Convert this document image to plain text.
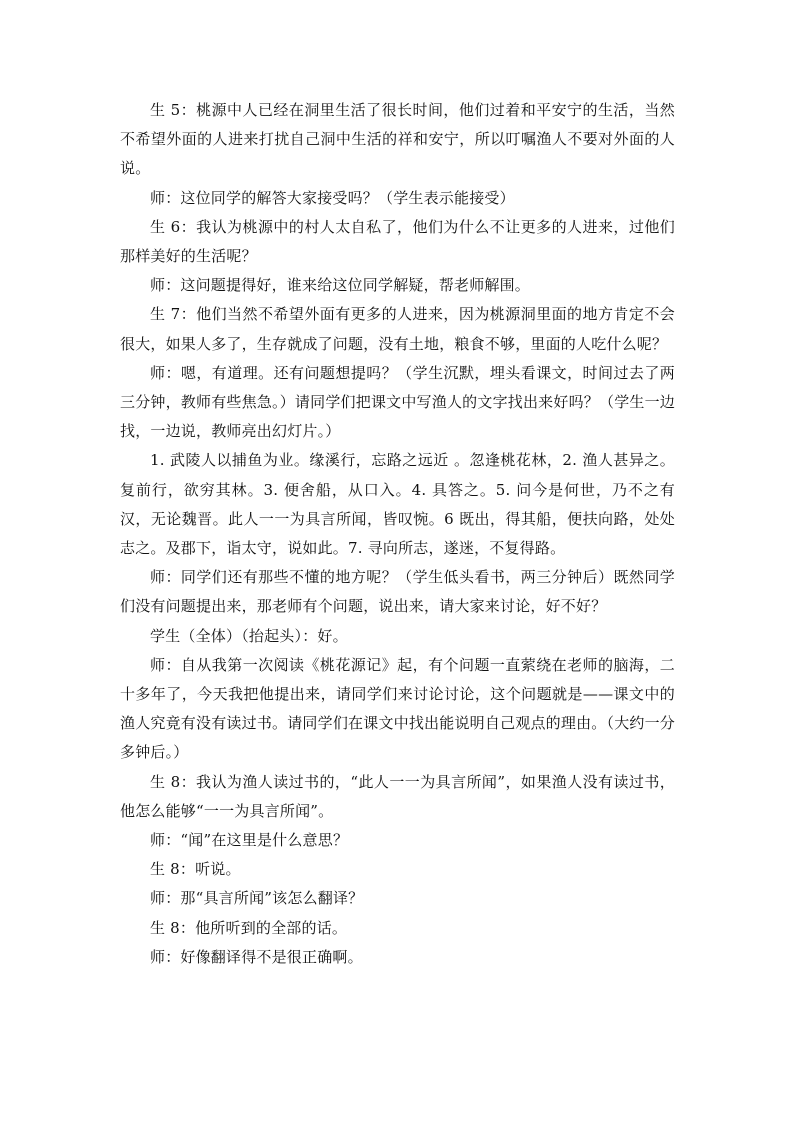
生 5：桃源中人已经在洞里生活了很长时间，他们过着和平安宁的生活，当然不希望外面的人进来打扰自己洞中生活的祥和安宁，所以叮嘱渔人不要对外面的人说。

师：这位同学的解答大家接受吗？（学生表示能接受）

生 6：我认为桃源中的村人太自私了，他们为什么不让更多的人进来，过他们那样美好的生活呢？

师：这问题提得好，谁来给这位同学解疑，帮老师解围。

生 7：他们当然不希望外面有更多的人进来，因为桃源洞里面的地方肯定不会很大，如果人多了，生存就成了问题，没有土地，粮食不够，里面的人吃什么呢？

师：嗯，有道理。还有问题想提吗？（学生沉默，埋头看课文，时间过去了两三分钟，教师有些焦急。）请同学们把课文中写渔人的文字找出来好吗？（学生一边找，一边说，教师亮出幻灯片。）

1. 武陵人以捕鱼为业。缘溪行，忘路之远近 。忽逢桃花林，2. 渔人甚异之。复前行，欲穷其林。3. 便舍船，从口入。4. 具答之。5. 问今是何世，乃不之有汉，无论魏晋。此人一一为具言所闻，皆叹惋。6 既出，得其船，便扶向路，处处志之。及郡下，诣太守，说如此。7. 寻向所志，遂迷，不复得路。

师：同学们还有那些不懂的地方呢？（学生低头看书，两三分钟后）既然同学们没有问题提出来，那老师有个问题，说出来，请大家来讨论，好不好？

学生（全体）（抬起头）：好。

师：自从我第一次阅读《桃花源记》起，有个问题一直萦绕在老师的脑海，二十多年了，今天我把他提出来，请同学们来讨论讨论，这个问题就是——课文中的渔人究竟有没有读过书。请同学们在课文中找出能说明自己观点的理由。（大约一分多钟后。）

生 8：我认为渔人读过书的，“此人一一为具言所闻”，如果渔人没有读过书，他怎么能够“一一为具言所闻”。

师：“闻”在这里是什么意思？

生 8：听说。

师：那“具言所闻”该怎么翻译？

生 8：他所听到的全部的话。

师：好像翻译得不是很正确啊。
